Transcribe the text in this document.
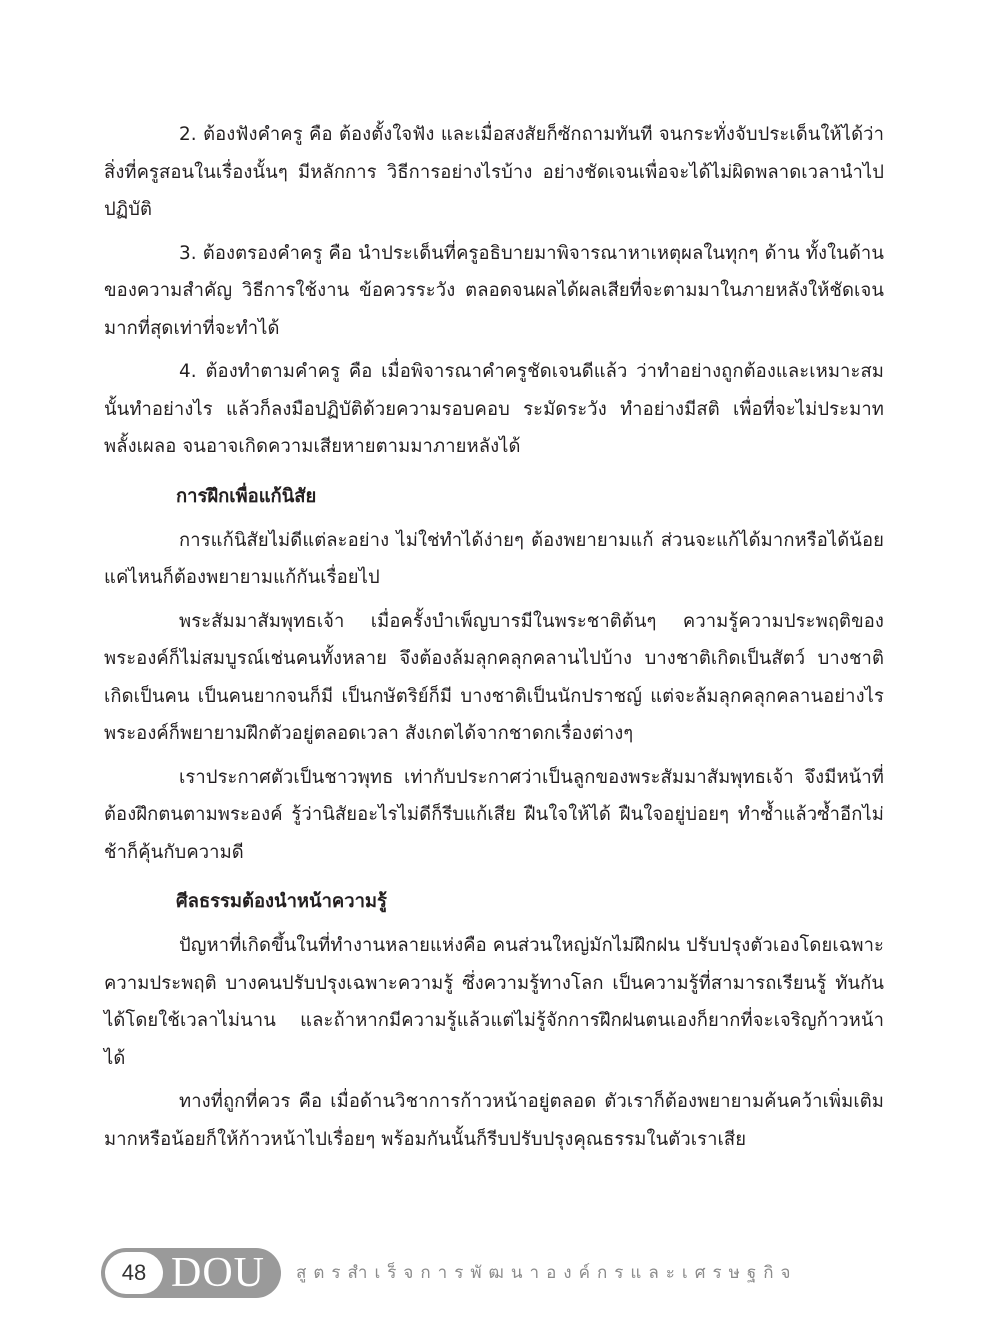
2. ต้องฟังคำครู คือ ต้องตั้งใจฟัง และเมื่อสงสัยก็ซักถามทันที จนกระทั่งจับประเด็นให้ได้ว่าสิ่งที่ครูสอนในเรื่องนั้นๆ มีหลักการ วิธีการอย่างไรบ้าง อย่างชัดเจนเพื่อจะได้ไม่ผิดพลาดเวลานำไปปฏิบัติ

3. ต้องตรองคำครู คือ นำประเด็นที่ครูอธิบายมาพิจารณาหาเหตุผลในทุกๆ ด้าน ทั้งในด้านของความสำคัญ วิธีการใช้งาน ข้อควรระวัง ตลอดจนผลได้ผลเสียที่จะตามมาในภายหลังให้ชัดเจนมากที่สุดเท่าที่จะทำได้

4. ต้องทำตามคำครู คือ เมื่อพิจารณาคำครูชัดเจนดีแล้ว ว่าทำอย่างถูกต้องและเหมาะสมนั้นทำอย่างไร แล้วก็ลงมือปฏิบัติด้วยความรอบคอบ ระมัดระวัง ทำอย่างมีสติ เพื่อที่จะไม่ประมาทพลั้งเผลอ จนอาจเกิดความเสียหายตามมาภายหลังได้

การฝึกเพื่อแก้นิสัย

การแก้นิสัยไม่ดีแต่ละอย่าง ไม่ใช่ทำได้ง่ายๆ ต้องพยายามแก้ ส่วนจะแก้ได้มากหรือได้น้อยแค่ไหนก็ต้องพยายามแก้กันเรื่อยไป

พระสัมมาสัมพุทธเจ้า เมื่อครั้งบำเพ็ญบารมีในพระชาติต้นๆ ความรู้ความประพฤติของพระองค์ก็ไม่สมบูรณ์เช่นคนทั้งหลาย จึงต้องล้มลุกคลุกคลานไปบ้าง บางชาติเกิดเป็นสัตว์ บางชาติเกิดเป็นคน เป็นคนยากจนก็มี เป็นกษัตริย์ก็มี บางชาติเป็นนักปราชญ์ แต่จะล้มลุกคลุกคลานอย่างไร พระองค์ก็พยายามฝึกตัวอยู่ตลอดเวลา สังเกตได้จากชาดกเรื่องต่างๆ

เราประกาศตัวเป็นชาวพุทธ เท่ากับประกาศว่าเป็นลูกของพระสัมมาสัมพุทธเจ้า จึงมีหน้าที่ต้องฝึกตนตามพระองค์ รู้ว่านิสัยอะไรไม่ดีก็รีบแก้เสีย ฝืนใจให้ได้ ฝืนใจอยู่บ่อยๆ ทำซ้ำแล้วซ้ำอีกไม่ช้าก็คุ้นกับความดี

ศีลธรรมต้องนำหน้าความรู้

ปัญหาที่เกิดขึ้นในที่ทำงานหลายแห่งคือ คนส่วนใหญ่มักไม่ฝึกฝน ปรับปรุงตัวเองโดยเฉพาะความประพฤติ บางคนปรับปรุงเฉพาะความรู้ ซึ่งความรู้ทางโลก เป็นความรู้ที่สามารถเรียนรู้ ทันกันได้โดยใช้เวลาไม่นาน และถ้าหากมีความรู้แล้วแต่ไม่รู้จักการฝึกฝนตนเองก็ยากที่จะเจริญก้าวหน้าได้

ทางที่ถูกที่ควร คือ เมื่อด้านวิชาการก้าวหน้าอยู่ตลอด ตัวเราก็ต้องพยายามค้นคว้าเพิ่มเติมมากหรือน้อยก็ให้ก้าวหน้าไปเรื่อยๆ พร้อมกันนั้นก็รีบปรับปรุงคุณธรรมในตัวเราเสีย

48 DOU สูตรสำเร็จการพัฒนาองค์กรและเศรษฐกิจ
